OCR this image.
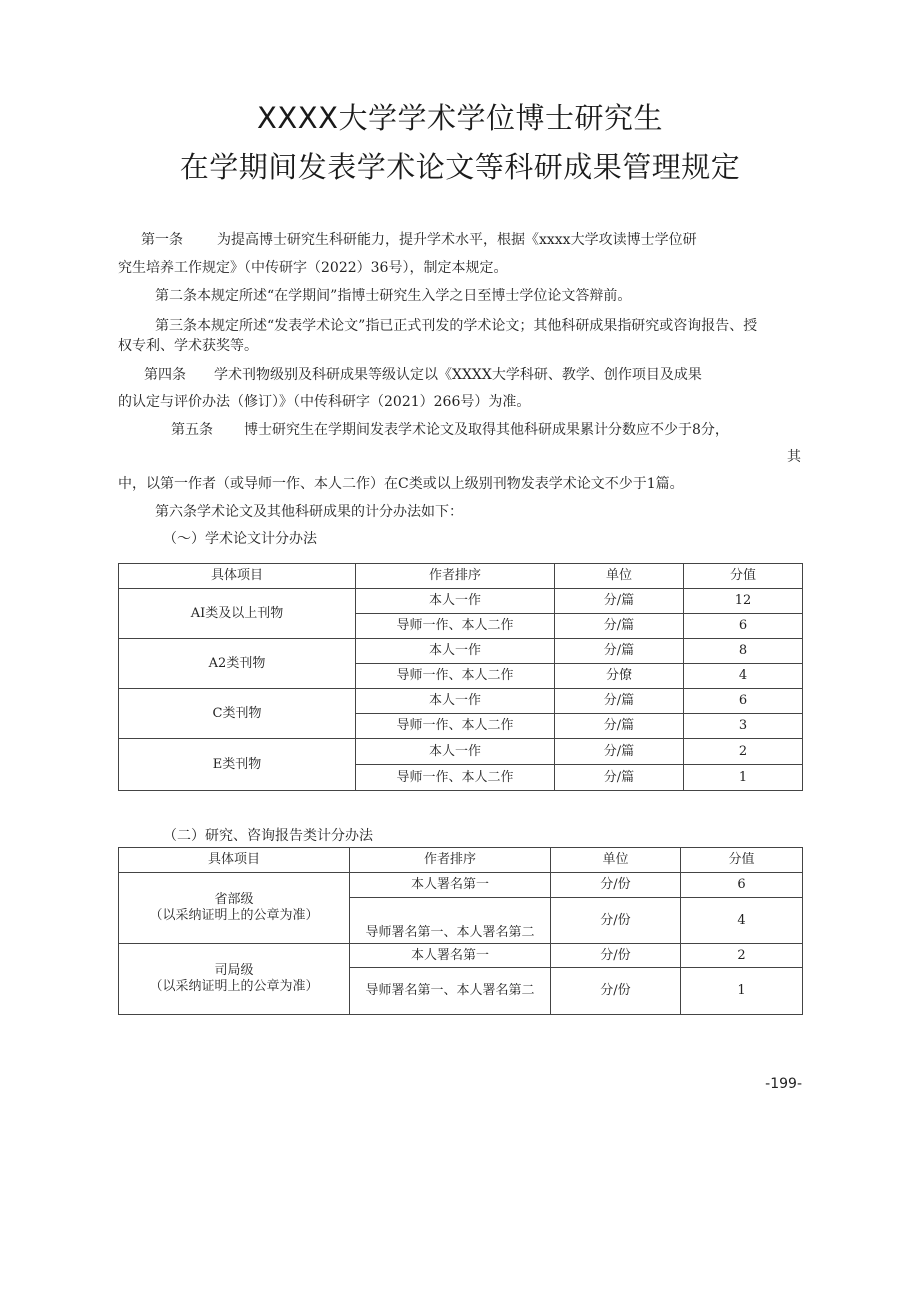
XXXX大学学术学位博士研究生
在学期间发表学术论文等科研成果管理规定
第一条 为提高博士研究生科研能力，提升学术水平，根据《xxxx大学攻读博士学位研
究生培养工作规定》（中传研字（2022）36号），制定本规定。
第二条本规定所述“在学期间”指博士研究生入学之日至博士学位论文答辩前。
第三条本规定所述“发表学术论文”指已正式刊发的学术论文；其他科研成果指研究或咨询报告、授
权专利、学术获奖等。
第四条 学术刊物级别及科研成果等级认定以《XXXX大学科研、教学、创作项目及成果
的认定与评价办法（修订）》（中传科研字（2021）266号）为准。
第五条 博士研究生在学期间发表学术论文及取得其他科研成果累计分数应不少于8分，
其
中，以第一作者（或导师一作、本人二作）在C类或以上级别刊物发表学术论文不少于1篇。
第六条学术论文及其他科研成果的计分办法如下：
（〜）学术论文计分办法
具体项目	作者排序	单位	分值
AI类及以上刊物	本人一作	分/篇	12
	导师一作、本人二作	分/篇	6
A2类刊物	本人一作	分/篇	8
	导师一作、本人二作	分僚	4
C类刊物	本人一作	分/篇	6
	导师一作、本人二作	分/篇	3
E类刊物	本人一作	分/篇	2
	导师一作、本人二作	分/篇	1
（二）研究、咨询报告类计分办法
具体项目	作者排序	单位	分值

省部级
（以采纳证明上的公章为准）	本人署名第一	分/份	6
	导师署名第一、本人署名第二	分/份	4

司局级
（以采纳证明上的公章为准）	本人署名第一	分/份	2
	导师署名第一、本人署名第二	分/份	1
-199-
